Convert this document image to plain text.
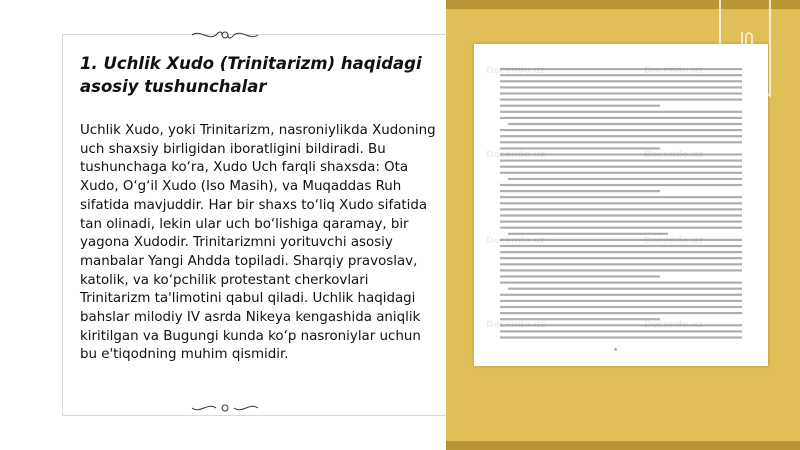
1. Uchlik Xudo (Trinitarizm) haqidagi asosiy tushunchalar

Uchlik Xudo, yoki Trinitarizm, nasroniylikda Xudoning uch shaxsiy birligidan iboratligini bildiradi. Bu tushunchaga ko‘ra, Xudo Uch farqli shaxsda: Ota Xudo, O‘g‘il Xudo (Iso Masih), va Muqaddas Ruh sifatida mavjuddir. Har bir shaxs to‘liq Xudo sifatida tan olinadi, lekin ular uch bo‘lishiga qaramay, bir yagona Xudodir. Trinitarizmni yorituvchi asosiy manbalar Yangi Ahdda topiladi. Sharqiy pravoslav, katolik, va ko‘pchilik protestant cherkovlari Trinitarizm ta'limotini qabul qiladi. Uchlik haqidagi bahslar milodiy IV asrda Nikeya kengashida aniqlik kiritilgan va Bugungi kunda ko‘p nasroniylar uchun bu e'tiqodning muhim qismidir.

Docendo.uz	Docendo.uz
Docendo.uz	Docendo.uz
Docendo.uz	Docendo.uz
Docendo.uz	Docendo.uz
4
